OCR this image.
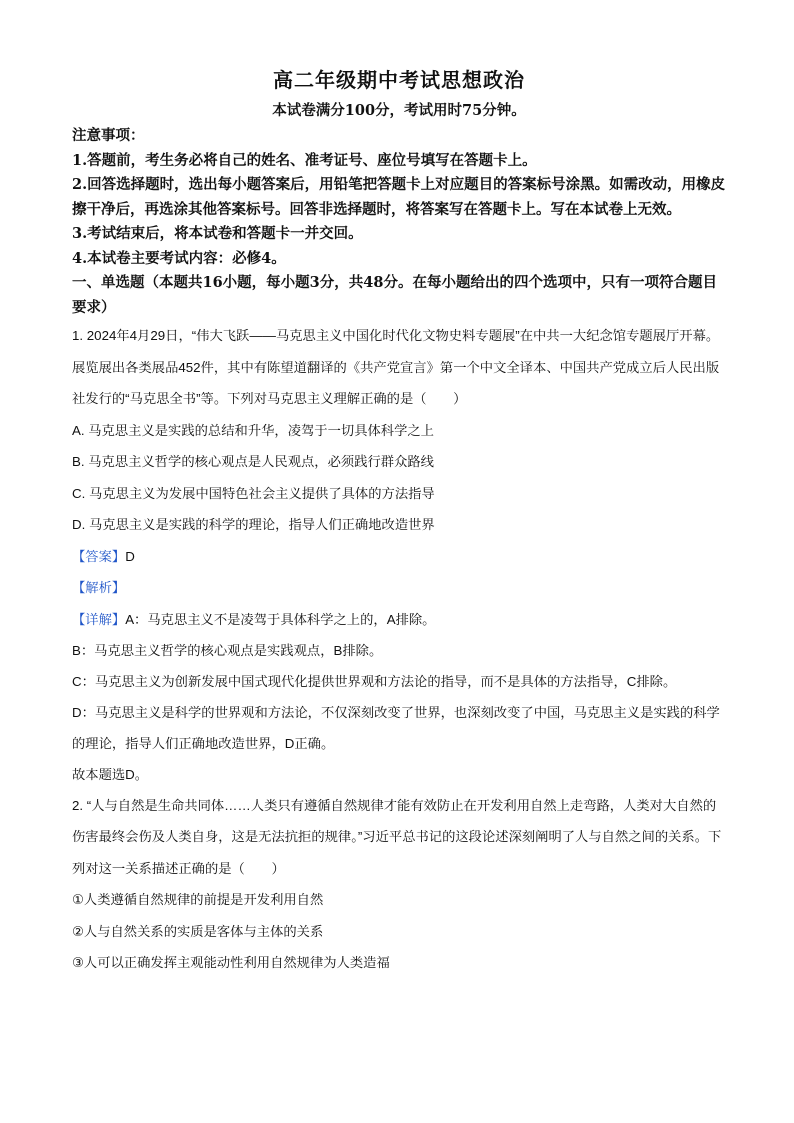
高二年级期中考试思想政治

本试卷满分100分，考试用时75分钟。

注意事项：

1.答题前，考生务必将自己的姓名、准考证号、座位号填写在答题卡上。

2.回答选择题时，选出每小题答案后，用铅笔把答题卡上对应题目的答案标号涂黑。如需改动，用橡皮擦干净后，再选涂其他答案标号。回答非选择题时，将答案写在答题卡上。写在本试卷上无效。

3.考试结束后，将本试卷和答题卡一并交回。

4.本试卷主要考试内容：必修4。

一、单选题（本题共16小题，每小题3分，共48分。在每小题给出的四个选项中，只有一项符合题目要求）

1. 2024年4月29日，“伟大飞跃——马克思主义中国化时代化文物史料专题展”在中共一大纪念馆专题展厅开幕。展览展出各类展品452件，其中有陈望道翻译的《共产党宣言》第一个中文全译本、中国共产党成立后人民出版社发行的“马克思全书”等。下列对马克思主义理解正确的是（　　）

A. 马克思主义是实践的总结和升华，凌驾于一切具体科学之上

B. 马克思主义哲学的核心观点是人民观点，必须践行群众路线

C. 马克思主义为发展中国特色社会主义提供了具体的方法指导

D. 马克思主义是实践的科学的理论，指导人们正确地改造世界

【答案】D

【解析】

【详解】A：马克思主义不是凌驾于具体科学之上的，A排除。

B：马克思主义哲学的核心观点是实践观点，B排除。

C：马克思主义为创新发展中国式现代化提供世界观和方法论的指导，而不是具体的方法指导，C排除。

D：马克思主义是科学的世界观和方法论，不仅深刻改变了世界，也深刻改变了中国，马克思主义是实践的科学的理论，指导人们正确地改造世界，D正确。

故本题选D。

2. “人与自然是生命共同体……人类只有遵循自然规律才能有效防止在开发利用自然上走弯路，人类对大自然的伤害最终会伤及人类自身，这是无法抗拒的规律。”习近平总书记的这段论述深刻阐明了人与自然之间的关系。下列对这一关系描述正确的是（　　）

①人类遵循自然规律的前提是开发利用自然

②人与自然关系的实质是客体与主体的关系

③人可以正确发挥主观能动性利用自然规律为人类造福
